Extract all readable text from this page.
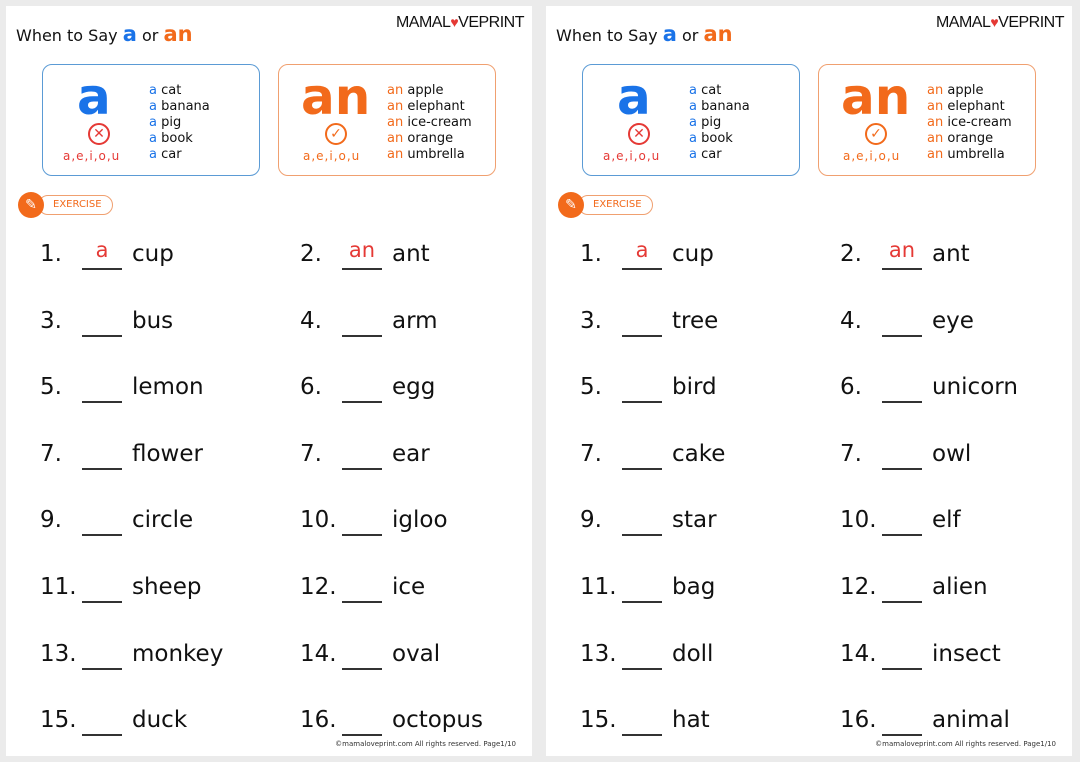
When to Say a or an	MAMAL♥VEPRINT
a
✕
a,e,i,o,u
a cat
a banana
a pig
a book
a car
an
✓
a,e,i,o,u
an apple
an elephant
an ice-cream
an orange
an umbrella
✎	EXERCISE
1.	a	cup	2.	an ant
3.	bus	4.	arm
5.	lemon	6.	egg
7.	flower	7.	ear
9.	circle	10. igloo
11. sheep	12. ice
13. monkey	14. oval
15. duck	16. octopus
©mamaloveprint.com All rights reserved. Page1/10
When to Say a or an	MAMAL♥VEPRINT
a
✕
a,e,i,o,u
a cat
a banana
a pig
a book
a car
an
✓
a,e,i,o,u
an apple
an elephant
an ice-cream
an orange
an umbrella
✎	EXERCISE
1.	a	cup	2.	an ant
3.	tree	4.	eye
5.	bird	6.	unicorn
7.	cake	7.	owl
9.	star	10. elf
11. bag	12. alien
13. doll	14. insect
15. hat	16. animal
©mamaloveprint.com All rights reserved. Page1/10
